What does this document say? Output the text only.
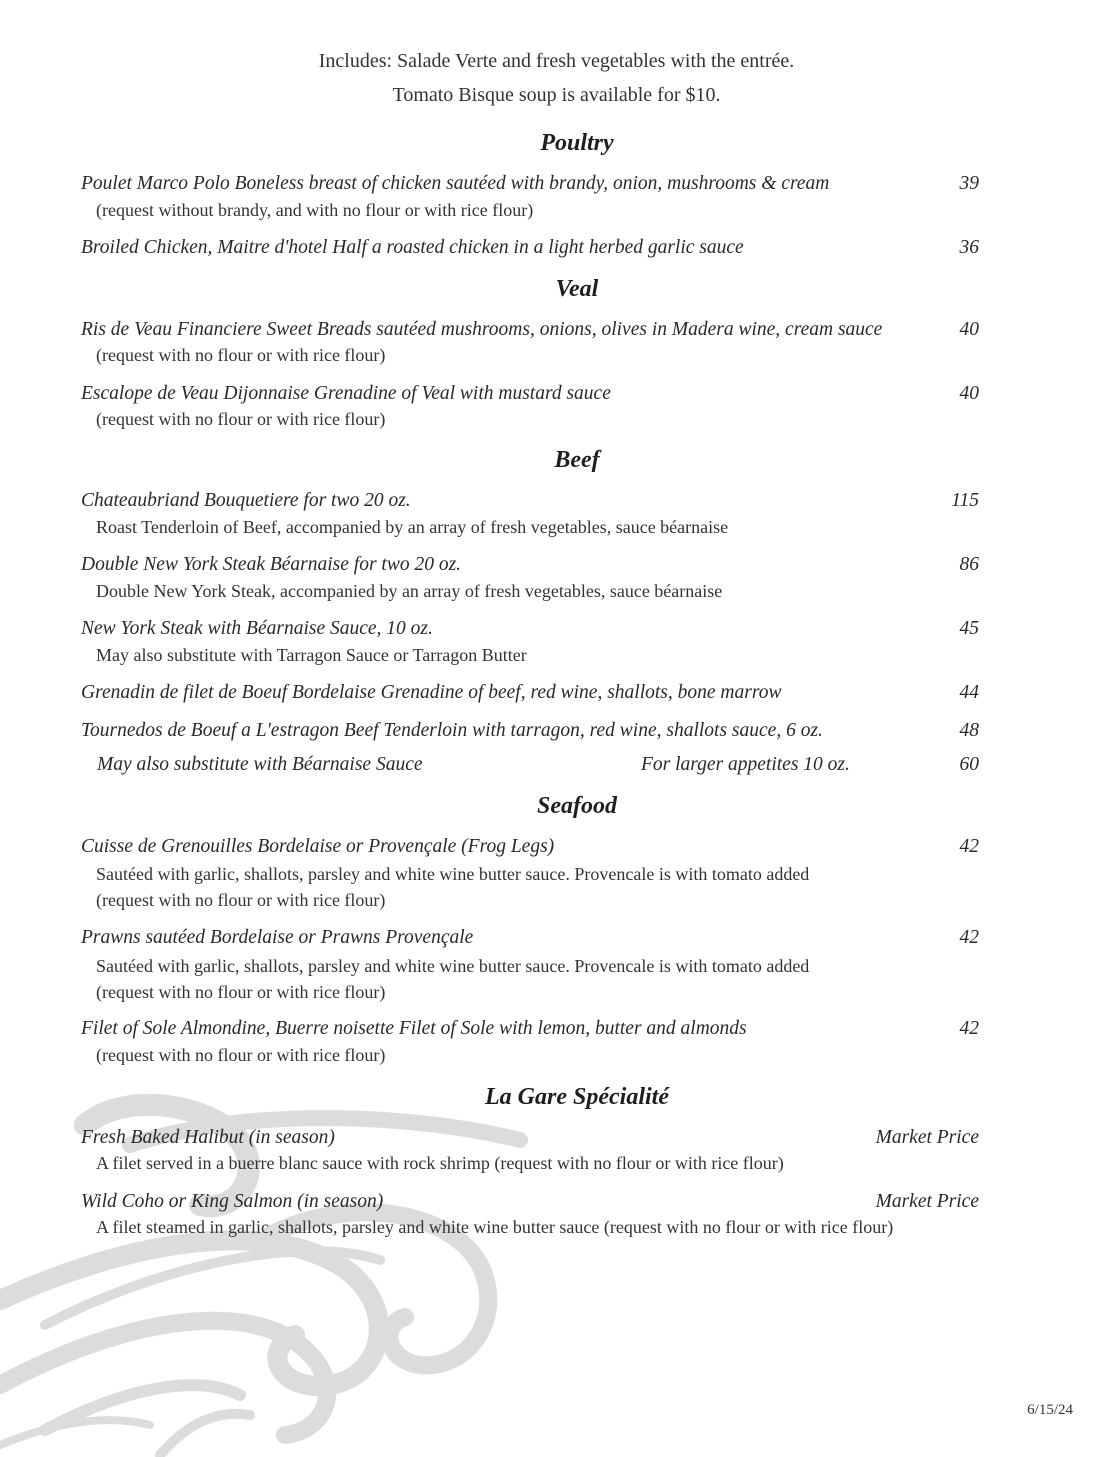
Includes: Salade Verte and fresh vegetables with the entrée.
Tomato Bisque soup is available for $10.
Poultry
Poulet Marco Polo Boneless breast of chicken sautéed with brandy, onion, mushrooms & cream	39
(request without brandy, and with no flour or with rice flour)
Broiled Chicken, Maitre d'hotel Half a roasted chicken in a light herbed garlic sauce	36
Veal
Ris de Veau Financiere Sweet Breads sautéed mushrooms, onions, olives in Madera wine, cream sauce	40
(request with no flour or with rice flour)
Escalope de Veau Dijonnaise Grenadine of Veal with mustard sauce	40
(request with no flour or with rice flour)
Beef
Chateaubriand Bouquetiere for two 20 oz.	115
Roast Tenderloin of Beef, accompanied by an array of fresh vegetables, sauce béarnaise
Double New York Steak Béarnaise for two 20 oz.	86
Double New York Steak, accompanied by an array of fresh vegetables, sauce béarnaise
New York Steak with Béarnaise Sauce, 10 oz.	45
May also substitute with Tarragon Sauce or Tarragon Butter
Grenadin de filet de Boeuf Bordelaise Grenadine of beef, red wine, shallots, bone marrow	44
Tournedos de Boeuf a L'estragon Beef Tenderloin with tarragon, red wine, shallots sauce, 6 oz.	48
May also substitute with Béarnaise Sauce	For larger appetites 10 oz.	60
Seafood
Cuisse de Grenouilles Bordelaise or Provençale (Frog Legs)	42
Sautéed with garlic, shallots, parsley and white wine butter sauce. Provencale is with tomato added
(request with no flour or with rice flour)
Prawns sautéed Bordelaise or Prawns Provençale	42
Sautéed with garlic, shallots, parsley and white wine butter sauce. Provencale is with tomato added
(request with no flour or with rice flour)
Filet of Sole Almondine, Buerre noisette Filet of Sole with lemon, butter and almonds	42
(request with no flour or with rice flour)
La Gare Spécialité
Fresh Baked Halibut (in season)	Market Price
A filet served in a buerre blanc sauce with rock shrimp (request with no flour or with rice flour)
Wild Coho or King Salmon (in season)	Market Price
A filet steamed in garlic, shallots, parsley and white wine butter sauce (request with no flour or with rice flour)
6/15/24
